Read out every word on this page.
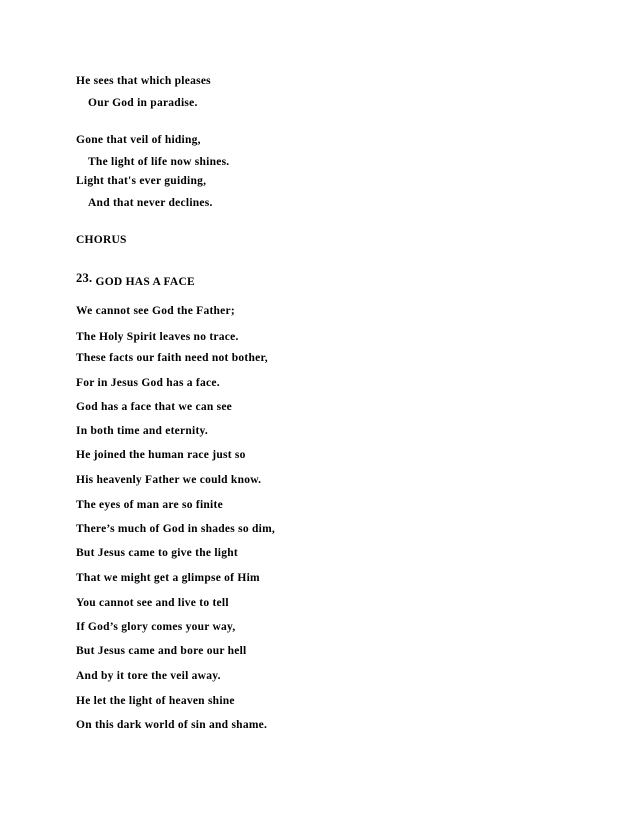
He sees that which pleases
Our God in paradise.
Gone that veil of hiding,
The light of life now shines.
Light that's ever guiding,
And that never declines.
CHORUS
23. GOD HAS A FACE
We cannot see God the Father;
The Holy Spirit leaves no trace.
These facts our faith need not bother,
For in Jesus God has a face.
God has a face that we can see
In both time and eternity.
He joined the human race just so
His heavenly Father we could know.
The eyes of man are so finite
There’s much of God in shades so dim,
But Jesus came to give the light
That we might get a glimpse of Him
You cannot see and live to tell
If God’s glory comes your way,
But Jesus came and bore our hell
And by it tore the veil away.
He let the light of heaven shine
On this dark world of sin and shame.
